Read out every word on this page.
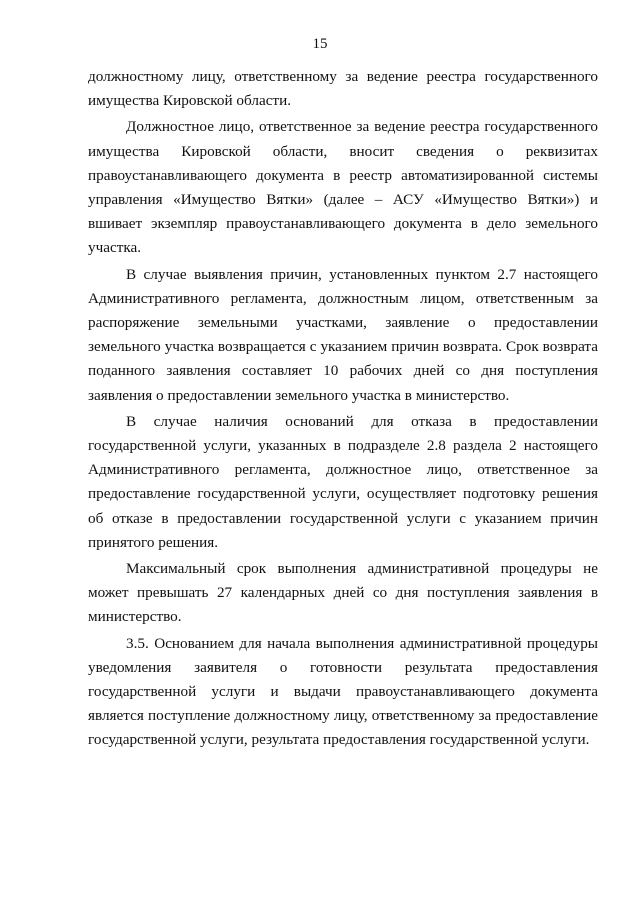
15

должностному лицу, ответственному за ведение реестра государственного имущества Кировской области.

Должностное лицо, ответственное за ведение реестра государственного имущества Кировской области, вносит сведения о реквизитах правоустанавливающего документа в реестр автоматизированной системы управления «Имущество Вятки» (далее – АСУ «Имущество Вятки») и вшивает экземпляр правоустанавливающего документа в дело земельного участка.

В случае выявления причин, установленных пунктом 2.7 настоящего Административного регламента, должностным лицом, ответственным за распоряжение земельными участками, заявление о предоставлении земельного участка возвращается с указанием причин возврата. Срок возврата поданного заявления составляет 10 рабочих дней со дня поступления заявления о предоставлении земельного участка в министерство.

В случае наличия оснований для отказа в предоставлении государственной услуги, указанных в подразделе 2.8 раздела 2 настоящего Административного регламента, должностное лицо, ответственное за предоставление государственной услуги, осуществляет подготовку решения об отказе в предоставлении государственной услуги с указанием причин принятого решения.

Максимальный срок выполнения административной процедуры не может превышать 27 календарных дней со дня поступления заявления в министерство.

3.5. Основанием для начала выполнения административной процедуры уведомления заявителя о готовности результата предоставления государственной услуги и выдачи правоустанавливающего документа является поступление должностному лицу, ответственному за предоставление государственной услуги, результата предоставления государственной услуги.
